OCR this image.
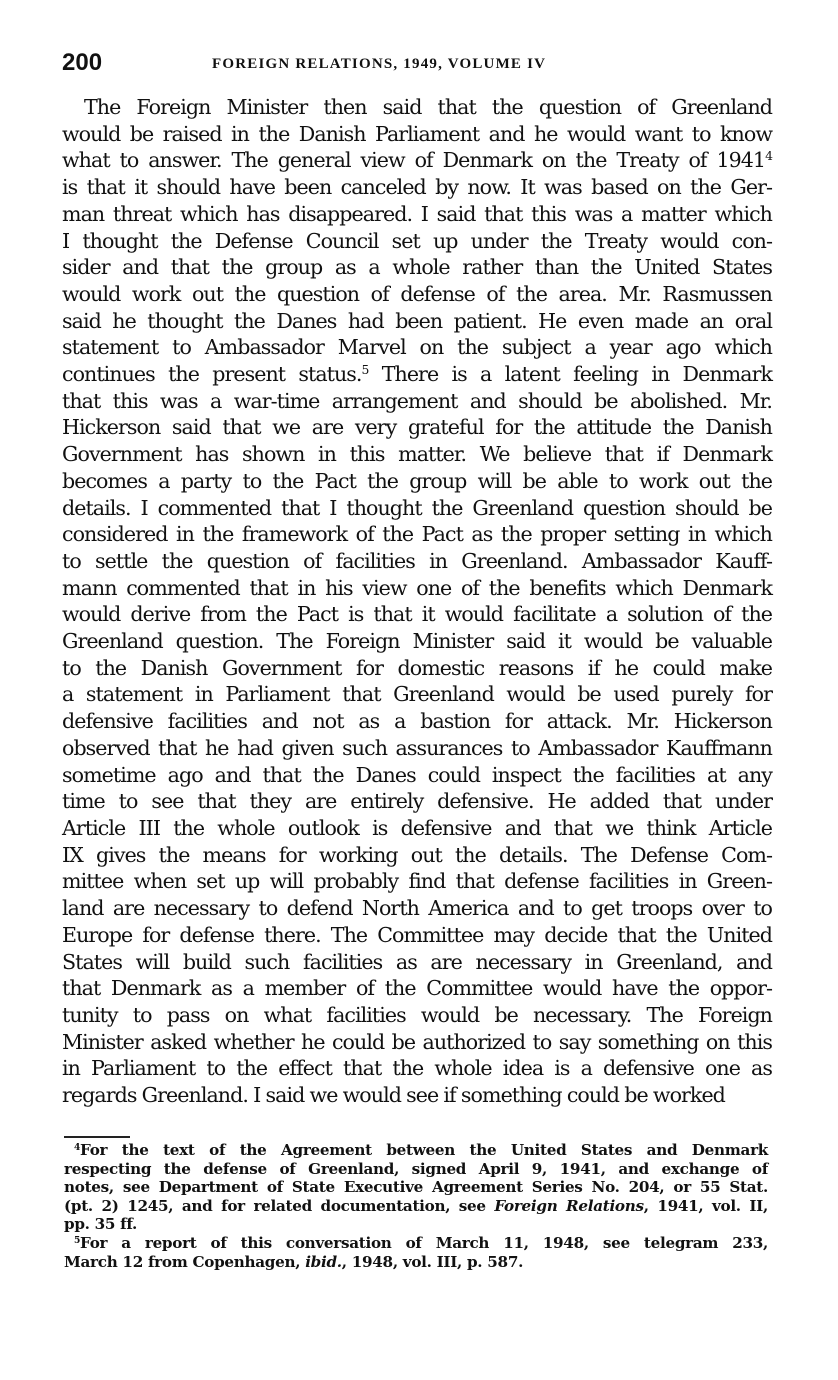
200	FOREIGN RELATIONS, 1949, VOLUME IV
The Foreign Minister then said that the question of Greenland
would be raised in the Danish Parliament and he would want to know
what to answer. The general view of Denmark on the Treaty of 1941$^4$
is that it should have been canceled by now. It was based on the Ger-
man threat which has disappeared. I said that this was a matter which
I thought the Defense Council set up under the Treaty would con-
sider and that the group as a whole rather than the United States
would work out the question of defense of the area. Mr. Rasmussen
said he thought the Danes had been patient. He even made an oral
statement to Ambassador Marvel on the subject a year ago which
continues the present status.$^5$ There is a latent feeling in Denmark
that this was a war-time arrangement and should be abolished. Mr.
Hickerson said that we are very grateful for the attitude the Danish
Government has shown in this matter. We believe that if Denmark
becomes a party to the Pact the group will be able to work out the
details. I commented that I thought the Greenland question should be
considered in the framework of the Pact as the proper setting in which
to settle the question of facilities in Greenland. Ambassador Kauff-
mann commented that in his view one of the benefits which Denmark
would derive from the Pact is that it would facilitate a solution of the
Greenland question. The Foreign Minister said it would be valuable
to the Danish Government for domestic reasons if he could make
a statement in Parliament that Greenland would be used purely for
defensive facilities and not as a bastion for attack. Mr. Hickerson
observed that he had given such assurances to Ambassador Kauffmann
sometime ago and that the Danes could inspect the facilities at any
time to see that they are entirely defensive. He added that under
Article III the whole outlook is defensive and that we think Article
IX gives the means for working out the details. The Defense Com-
mittee when set up will probably find that defense facilities in Green-
land are necessary to defend North America and to get troops over to
Europe for defense there. The Committee may decide that the United
States will build such facilities as are necessary in Greenland, and
that Denmark as a member of the Committee would have the oppor-
tunity to pass on what facilities would be necessary. The Foreign
Minister asked whether he could be authorized to say something on this
in Parliament to the effect that the whole idea is a defensive one as
regards Greenland. I said we would see if something could be worked
$^4$For the text of the Agreement between the United States and Denmark
respecting the defense of Greenland, signed April 9, 1941, and exchange of
notes, see Department of State Executive Agreement Series No. 204, or 55 Stat.
(pt. 2) 1245, and for related documentation, see Foreign Relations, 1941, vol. II,
pp. 35 ff.
$^5$For a report of this conversation of March 11, 1948, see telegram 233,
March 12 from Copenhagen, ibid., 1948, vol. III, p. 587.
